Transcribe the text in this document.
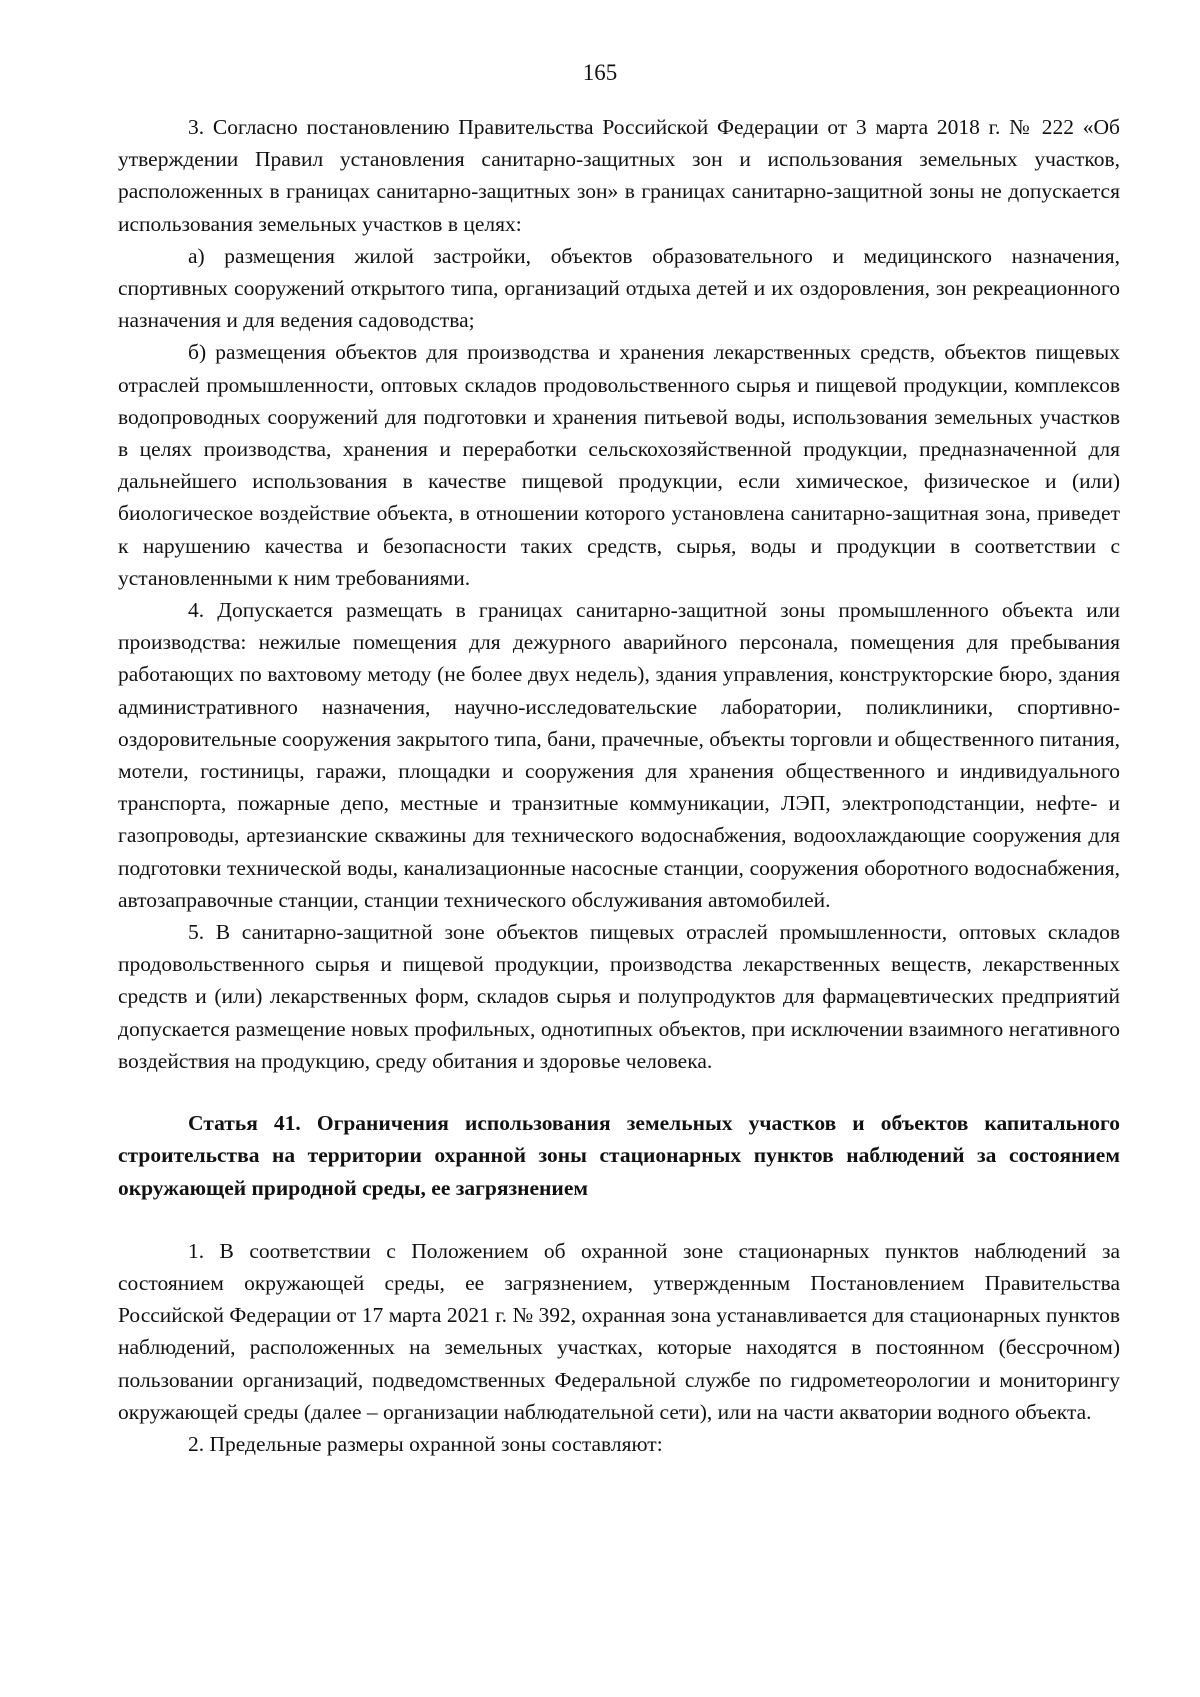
165

3. Согласно постановлению Правительства Российской Федерации от 3 марта 2018 г. № 222 «Об утверждении Правил установления санитарно-защитных зон и использования земельных участков, расположенных в границах санитарно-защитных зон» в границах санитарно-защитной зоны не допускается использования земельных участков в целях:

а) размещения жилой застройки, объектов образовательного и медицинского назначения, спортивных сооружений открытого типа, организаций отдыха детей и их оздоровления, зон рекреационного назначения и для ведения садоводства;

б) размещения объектов для производства и хранения лекарственных средств, объектов пищевых отраслей промышленности, оптовых складов продовольственного сырья и пищевой продукции, комплексов водопроводных сооружений для подготовки и хранения питьевой воды, использования земельных участков в целях производства, хранения и переработки сельскохозяйственной продукции, предназначенной для дальнейшего использования в качестве пищевой продукции, если химическое, физическое и (или) биологическое воздействие объекта, в отношении которого установлена санитарно-защитная зона, приведет к нарушению качества и безопасности таких средств, сырья, воды и продукции в соответствии с установленными к ним требованиями.

4. Допускается размещать в границах санитарно-защитной зоны промышленного объекта или производства: нежилые помещения для дежурного аварийного персонала, помещения для пребывания работающих по вахтовому методу (не более двух недель), здания управления, конструкторские бюро, здания административного назначения, научно-исследовательские лаборатории, поликлиники, спортивно-оздоровительные сооружения закрытого типа, бани, прачечные, объекты торговли и общественного питания, мотели, гостиницы, гаражи, площадки и сооружения для хранения общественного и индивидуального транспорта, пожарные депо, местные и транзитные коммуникации, ЛЭП, электроподстанции, нефте- и газопроводы, артезианские скважины для технического водоснабжения, водоохлаждающие сооружения для подготовки технической воды, канализационные насосные станции, сооружения оборотного водоснабжения, автозаправочные станции, станции технического обслуживания автомобилей.

5. В санитарно-защитной зоне объектов пищевых отраслей промышленности, оптовых складов продовольственного сырья и пищевой продукции, производства лекарственных веществ, лекарственных средств и (или) лекарственных форм, складов сырья и полупродуктов для фармацевтических предприятий допускается размещение новых профильных, однотипных объектов, при исключении взаимного негативного воздействия на продукцию, среду обитания и здоровье человека.

Статья 41. Ограничения использования земельных участков и объектов капитального строительства на территории охранной зоны стационарных пунктов наблюдений за состоянием окружающей природной среды, ее загрязнением

1. В соответствии с Положением об охранной зоне стационарных пунктов наблюдений за состоянием окружающей среды, ее загрязнением, утвержденным Постановлением Правительства Российской Федерации от 17 марта 2021 г. № 392, охранная зона устанавливается для стационарных пунктов наблюдений, расположенных на земельных участках, которые находятся в постоянном (бессрочном) пользовании организаций, подведомственных Федеральной службе по гидрометеорологии и мониторингу окружающей среды (далее – организации наблюдательной сети), или на части акватории водного объекта.

2. Предельные размеры охранной зоны составляют:
